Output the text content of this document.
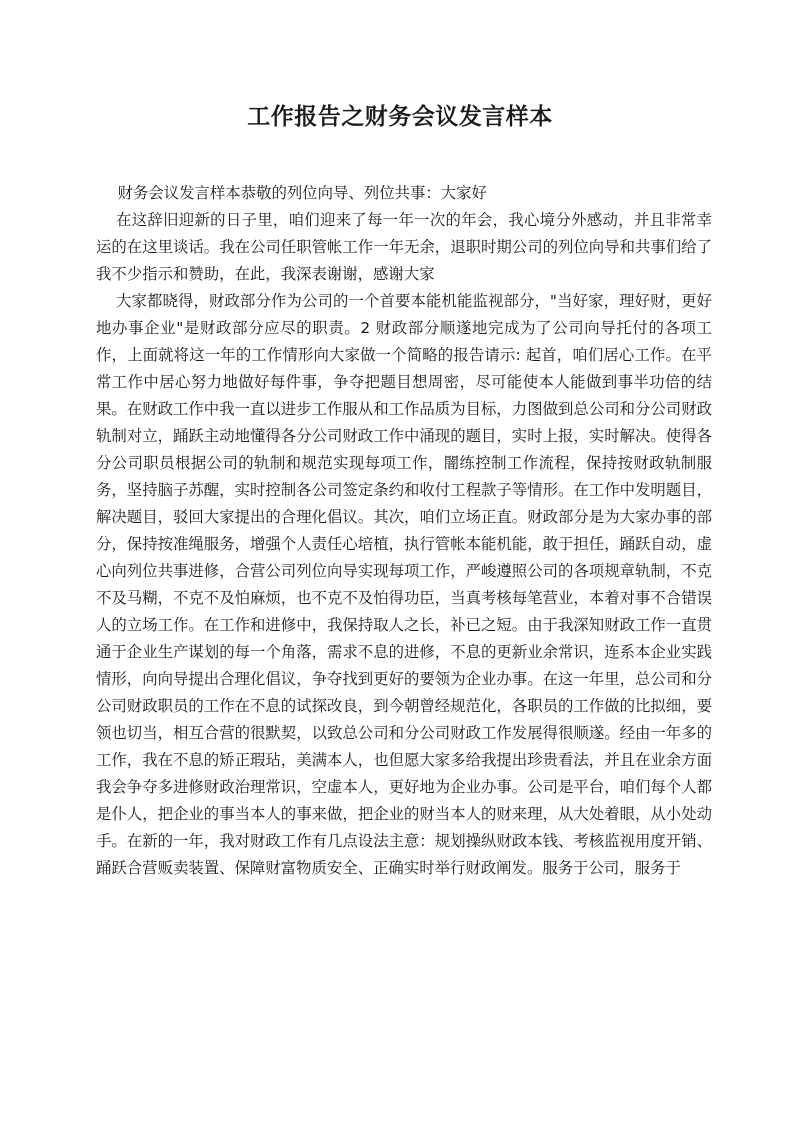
工作报告之财务会议发言样本

财务会议发言样本恭敬的列位向导、列位共事：大家好

在这辞旧迎新的日子里，咱们迎来了每一年一次的年会，我心境分外感动，并且非常幸运的在这里谈话。我在公司任职管帐工作一年无余，退职时期公司的列位向导和共事们给了我不少指示和赞助，在此，我深表谢谢，感谢大家

大家都晓得，财政部分作为公司的一个首要本能机能监视部分，"当好家，理好财，更好地办事企业"是财政部分应尽的职责。2 财政部分顺遂地完成为了公司向导托付的各项工作，上面就将这一年的工作情形向大家做一个简略的报告请示: 起首，咱们居心工作。在平常工作中居心努力地做好每件事，争夺把题目想周密，尽可能使本人能做到事半功倍的结果。在财政工作中我一直以进步工作服从和工作品质为目标，力图做到总公司和分公司财政轨制对立，踊跃主动地懂得各分公司财政工作中涌现的题目，实时上报，实时解决。使得各分公司职员根据公司的轨制和规范实现每项工作，闇练控制工作流程，保持按财政轨制服务，坚持脑子苏醒，实时控制各公司签定条约和收付工程款子等情形。在工作中发明题目，解决题目，驳回大家提出的合理化倡议。其次，咱们立场正直。财政部分是为大家办事的部分，保持按准绳服务，增强个人责任心培植，执行管帐本能机能，敢于担任，踊跃自动，虚心向列位共事进修，合营公司列位向导实现每项工作，严峻遵照公司的各项规章轨制，不克不及马糊，不克不及怕麻烦，也不克不及怕得功臣，当真考核每笔营业，本着对事不合错误人的立场工作。在工作和进修中，我保持取人之长，补已之短。由于我深知财政工作一直贯通于企业生产谋划的每一个角落，需求不息的进修，不息的更新业余常识，连系本企业实践情形，向向导提出合理化倡议，争夺找到更好的要领为企业办事。在这一年里，总公司和分公司财政职员的工作在不息的试探改良，到今朝曾经规范化，各职员的工作做的比拟细，要领也切当，相互合营的很默契，以致总公司和分公司财政工作发展得很顺遂。经由一年多的工作，我在不息的矫正瑕玷，美满本人，也但愿大家多给我提出珍贵看法，并且在业余方面我会争夺多进修财政治理常识，空虚本人，更好地为企业办事。公司是平台，咱们每个人都是仆人，把企业的事当本人的事来做，把企业的财当本人的财来理，从大处着眼，从小处动手。在新的一年，我对财政工作有几点设法主意：规划操纵财政本钱、考核监视用度开销、踊跃合营贩卖装置、保障财富物质安全、正确实时举行财政阐发。服务于公司，服务于
